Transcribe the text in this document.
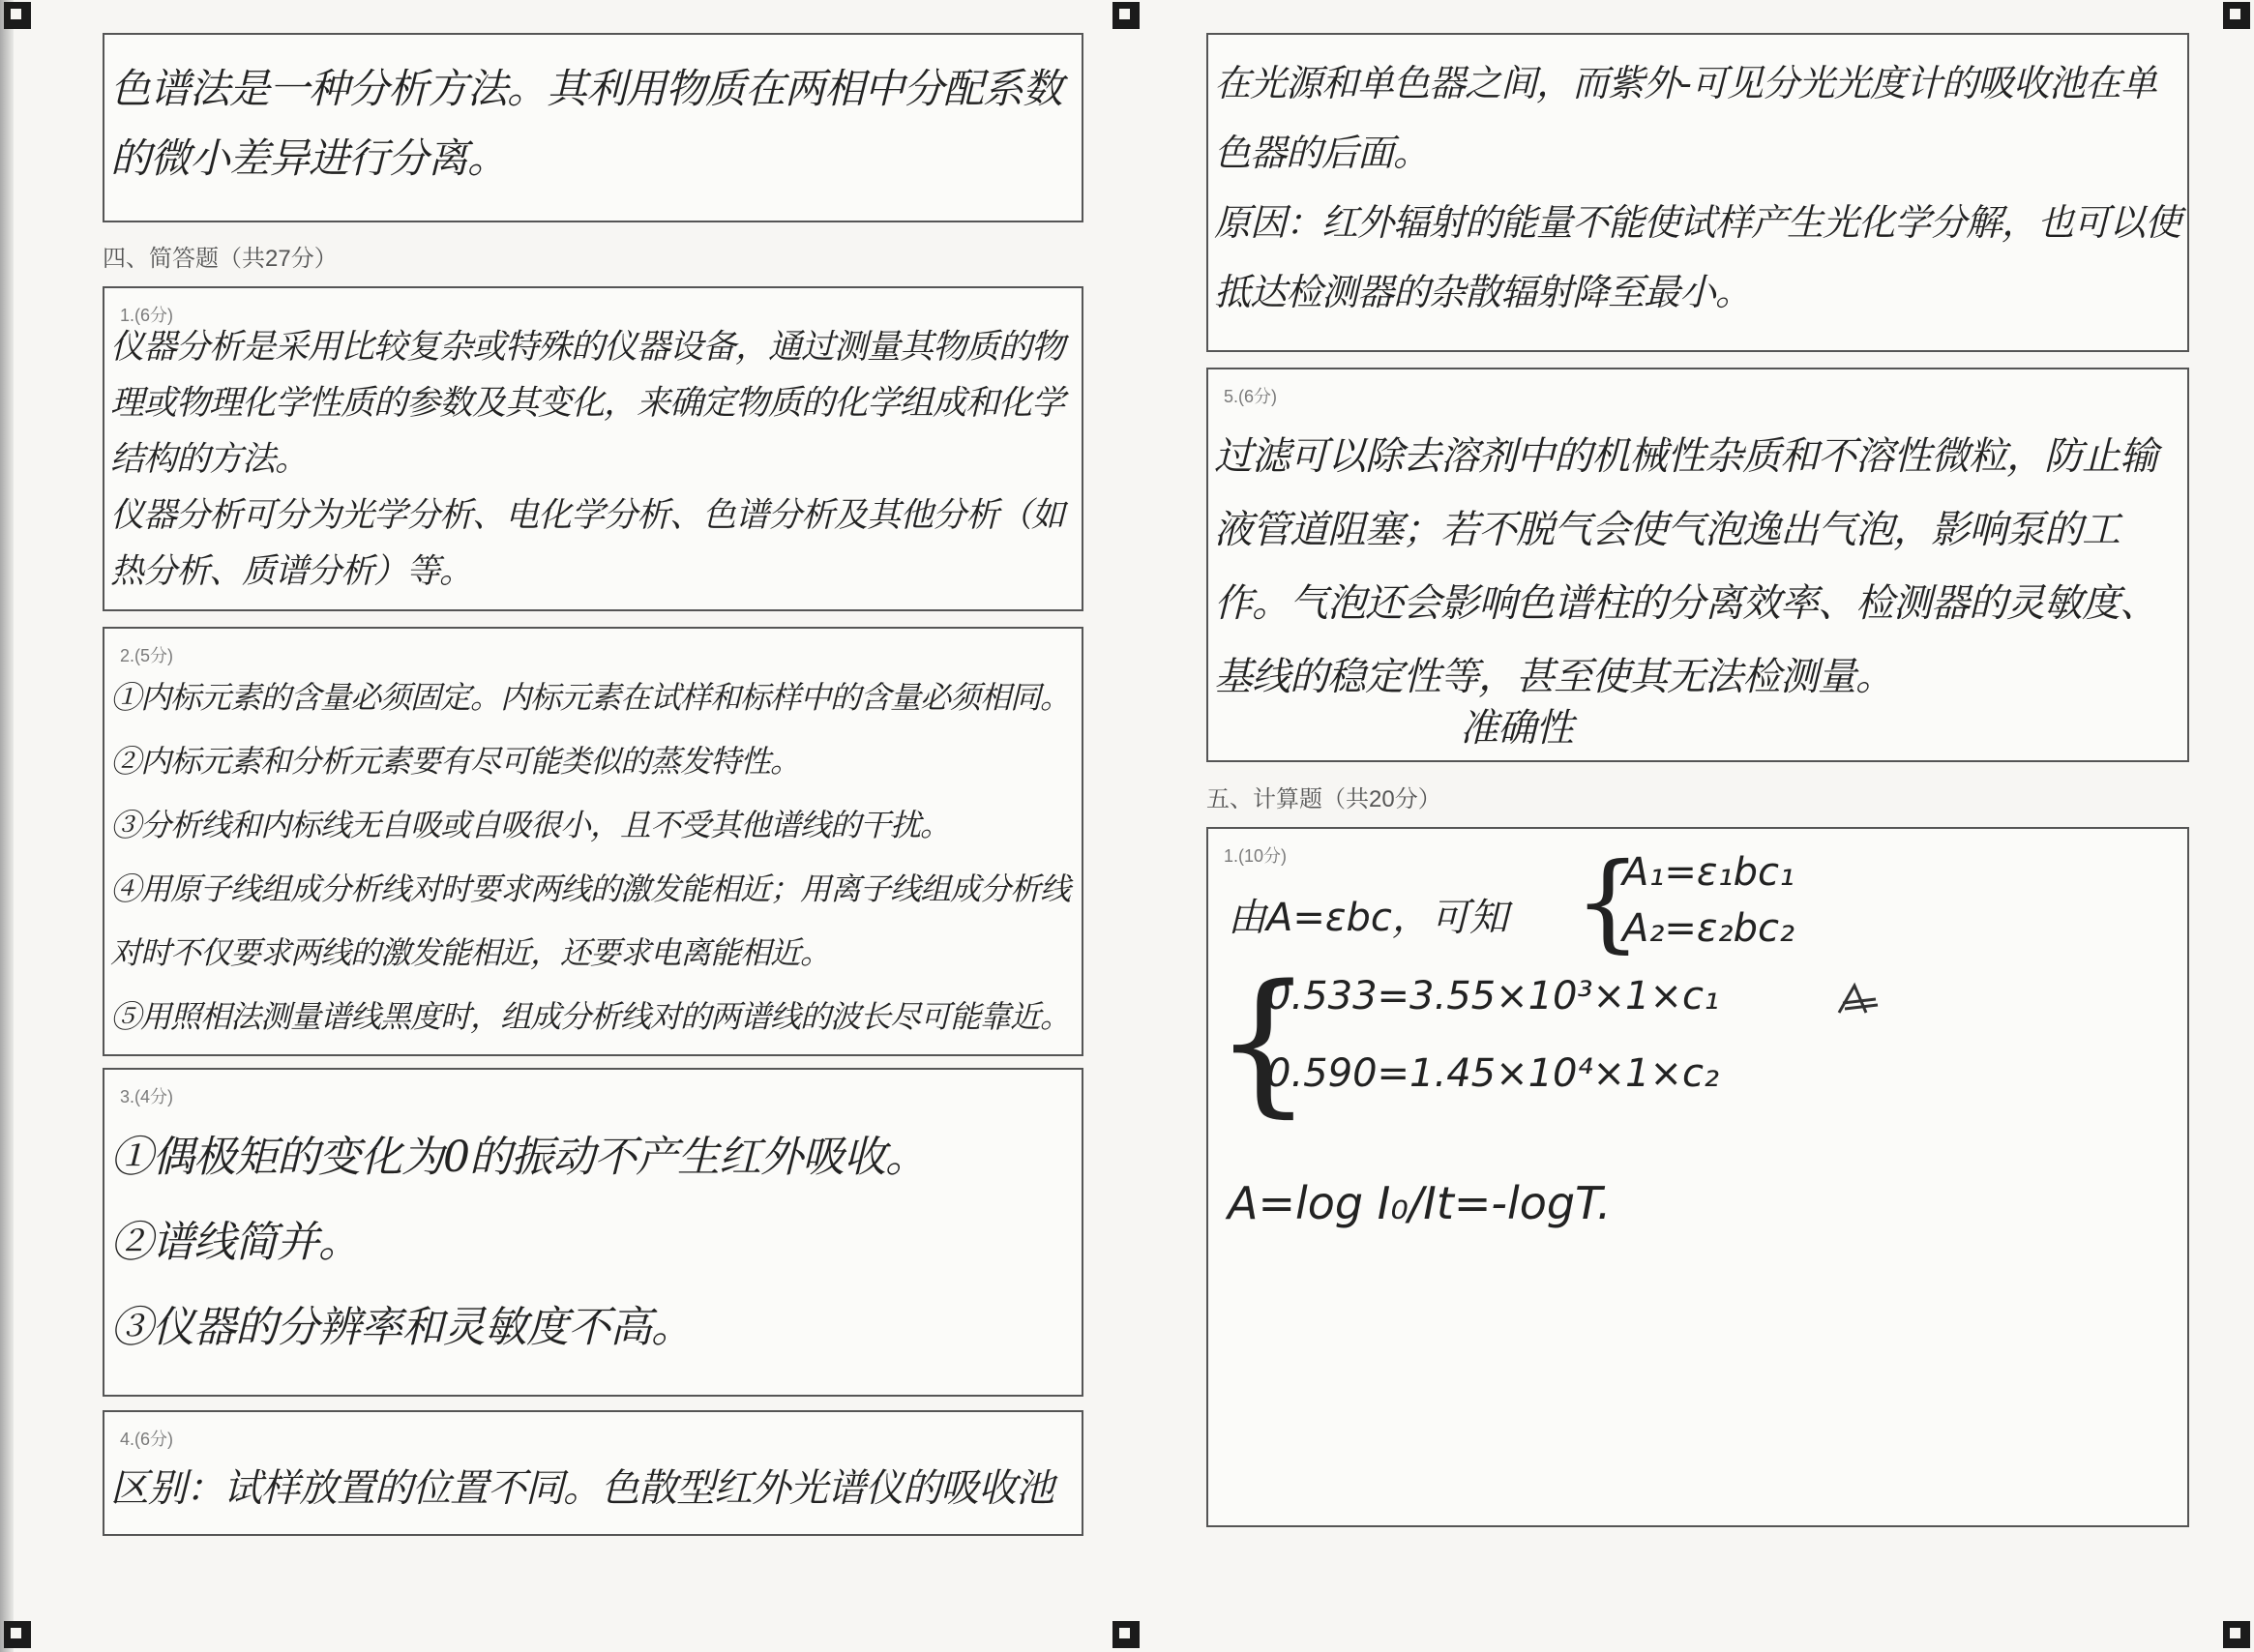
色谱法是一种分析方法。其利用物质在两相中分配系数的微小差异进行分离。
四、简答题（共27分）
1.(6分)
仪器分析是采用比较复杂或特殊的仪器设备，通过测量其物质的物理或物理化学性质的参数及其变化，来确定物质的化学组成和化学结构的方法。
仪器分析可分为光学分析、电化学分析、色谱分析及其他分析（如热分析、质谱分析）等。
2.(5分)
①内标元素的含量必须固定。内标元素在试样和标样中的含量必须相同。②内标元素和分析元素要有尽可能类似的蒸发特性。
③分析线和内标线无自吸或自吸很小，且不受其他谱线的干扰。
④用原子线组成分析线对时要求两线的激发能相近；用离子线组成分析线对时不仅要求两线的激发能相近，还要求电离能相近。
⑤用照相法测量谱线黑度时，组成分析线对的两谱线的波长尽可能靠近。
3.(4分)
①偶极矩的变化为0的振动不产生红外吸收。
②谱线简并。
③仪器的分辨率和灵敏度不高。
4.(6分)
区别：试样放置的位置不同。色散型红外光谱仪的吸收池
在光源和单色器之间，而紫外-可见分光光度计的吸收池在单色器的后面。
原因：红外辐射的能量不能使试样产生光化学分解，也可以使抵达检测器的杂散辐射降至最小。
5.(6分)
过滤可以除去溶剂中的机械性杂质和不溶性微粒，防止输液管道阻塞；若不脱气会使气泡逸出气泡，影响泵的工作。气泡还会影响色谱柱的分离效率、检测器的灵敏度、基线的稳定性等，甚至使其无法检测量。
准确性
五、计算题（共20分）
1.(10分)
由A=εbc，可知 {
A₁=ε₁bc₁
A₂=ε₂bc₂
{
0.533=3.55×10³×1×c₁
0.590=1.45×10⁴×1×c₂
A=log I₀/It=-logT.
